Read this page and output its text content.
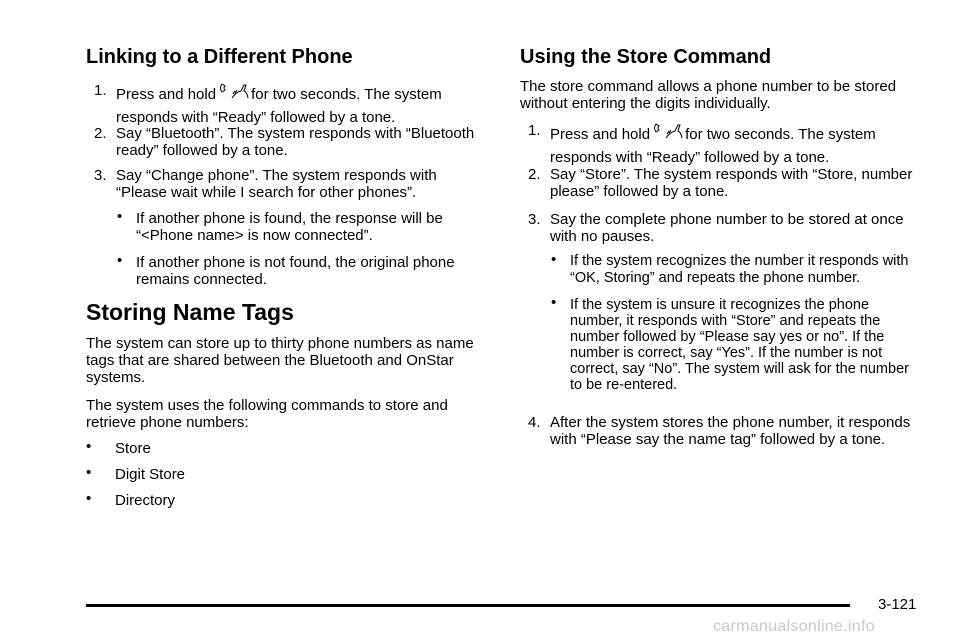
Linking to a Different Phone
1. Press and hold for two seconds. The system
responds with “Ready” followed by a tone.
2. Say “Bluetooth”. The system responds with “Bluetooth ready” followed by a tone.
3. Say “Change phone”. The system responds with “Please wait while I search for other phones”.
• If another phone is found, the response will be “<Phone name> is now connected”.
• If another phone is not found, the original phone remains connected.
Storing Name Tags
The system can store up to thirty phone numbers as name tags that are shared between the Bluetooth and OnStar systems.
The system uses the following commands to store and retrieve phone numbers:
• Store
• Digit Store
• Directory
Using the Store Command
The store command allows a phone number to be stored without entering the digits individually.
1. Press and hold for two seconds. The system
responds with “Ready” followed by a tone.
2. Say “Store”. The system responds with “Store, number please” followed by a tone.
3. Say the complete phone number to be stored at once with no pauses.
• If the system recognizes the number it responds with “OK, Storing” and repeats the phone number.
• If the system is unsure it recognizes the phone number, it responds with “Store” and repeats the number followed by “Please say yes or no”. If the number is correct, say “Yes”. If the number is not correct, say “No”. The system will ask for the number to be re-entered.
4. After the system stores the phone number, it responds with “Please say the name tag” followed by a tone.
3-121
carmanualsonline.info
